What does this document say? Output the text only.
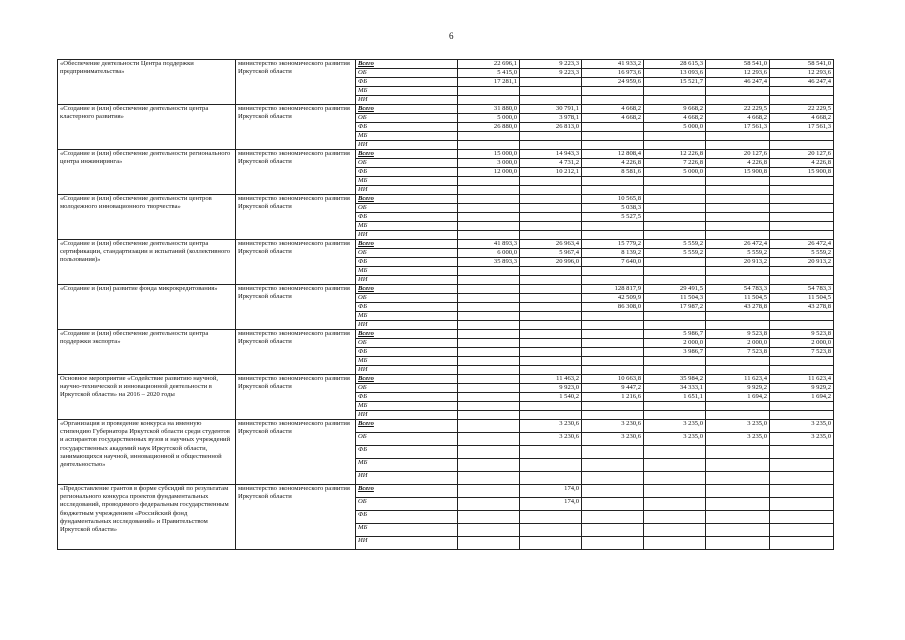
6
«Обеспечение деятельности Центра поддержки предпринимательства»	министерство экономического развития Иркутской области	Всего	22 696,1	9 223,3	41 933,2	28 615,3	58 541,0	58 541,0
		ОБ	5 415,0	9 223,3	16 973,6	13 093,6	12 293,6	12 293,6
		ФБ	17 281,1		24 959,6	15 521,7	46 247,4	46 247,4
		МБ						
		ИИ						
«Создание и (или) обеспечение деятельности центра кластерного развития»	министерство экономического развития Иркутской области	Всего	31 880,0	30 791,1	4 668,2	9 668,2	22 229,5	22 229,5
		ОБ	5 000,0	3 978,1	4 668,2	4 668,2	4 668,2	4 668,2
		ФБ	26 880,0	26 813,0		5 000,0	17 561,3	17 561,3
		МБ						
		ИИ						
«Создание и (или) обеспечение деятельности регионального центра инжиниринга»	министерство экономического развития Иркутской области	Всего	15 000,0	14 943,3	12 808,4	12 226,8	20 127,6	20 127,6
		ОБ	3 000,0	4 731,2	4 226,8	7 226,8	4 226,8	4 226,8
		ФБ	12 000,0	10 212,1	8 581,6	5 000,0	15 900,8	15 900,8
		МБ						
		ИИ						
«Создание и (или) обеспечение деятельности центров молодежного инновационного творчества»	министерство экономического развития Иркутской области	Всего			10 565,8			
		ОБ			5 038,3			
		ФБ			5 527,5			
		МБ						
		ИИ						
«Создание и (или) обеспечение деятельности центра сертификации, стандартизации и испытаний (коллективного пользования)»	министерство экономического развития Иркутской области	Всего	41 893,3	26 963,4	15 779,2	5 559,2	26 472,4	26 472,4
		ОБ	6 000,0	5 967,4	8 139,2	5 559,2	5 559,2	5 559,2
		ФБ	35 893,3	20 996,0	7 640,0		20 913,2	20 913,2
		МБ						
		ИИ						
«Создание и (или) развитие фонда микрокредитования»	министерство экономического развития Иркутской области	Всего			128 817,9	29 491,5	54 783,3	54 783,3
		ОБ			42 509,9	11 504,3	11 504,5	11 504,5
		ФБ			86 308,0	17 987,2	43 278,8	43 278,8
		МБ						
		ИИ						
«Создание и (или) обеспечение деятельности центра поддержки экспорта»	министерство экономического развития Иркутской области	Всего				5 986,7	9 523,8	9 523,8
		ОБ				2 000,0	2 000,0	2 000,0
		ФБ				3 986,7	7 523,8	7 523,8
		МБ						
		ИИ						
Основное мероприятие «Содействие развитию научной, научно-технической и инновационной деятельности в Иркутской области» на 2016 – 2020 годы	министерство экономического развития Иркутской области	Всего		11 463,2	10 663,8	35 984,2	11 623,4	11 623,4
		ОБ		9 923,0	9 447,2	34 333,1	9 929,2	9 929,2
		ФБ		1 540,2	1 216,6	1 651,1	1 694,2	1 694,2
		МБ						
		ИИ						
«Организация и проведение конкурса на именную стипендию Губернатора Иркутской области среди студентов и аспирантов государственных вузов и научных учреждений государственных академий наук Иркутской области, занимающихся научной, инновационной и общественной деятельностью»	министерство экономического развития Иркутской области	Всего		3 230,6	3 230,6	3 235,0	3 235,0	3 235,0
		ОБ		3 230,6	3 230,6	3 235,0	3 235,0	3 235,0
		ФБ						
		МБ						
		ИИ						
«Предоставление грантов в форме субсидий по результатам регионального конкурса проектов фундаментальных исследований, проводимого федеральным государственным бюджетным учреждением «Российский фонд фундаментальных исследований» и Правительством Иркутской области»	министерство экономического развития Иркутской области	Всего		174,0				
		ОБ		174,0				
		ФБ						
		МБ						
		ИИ						
